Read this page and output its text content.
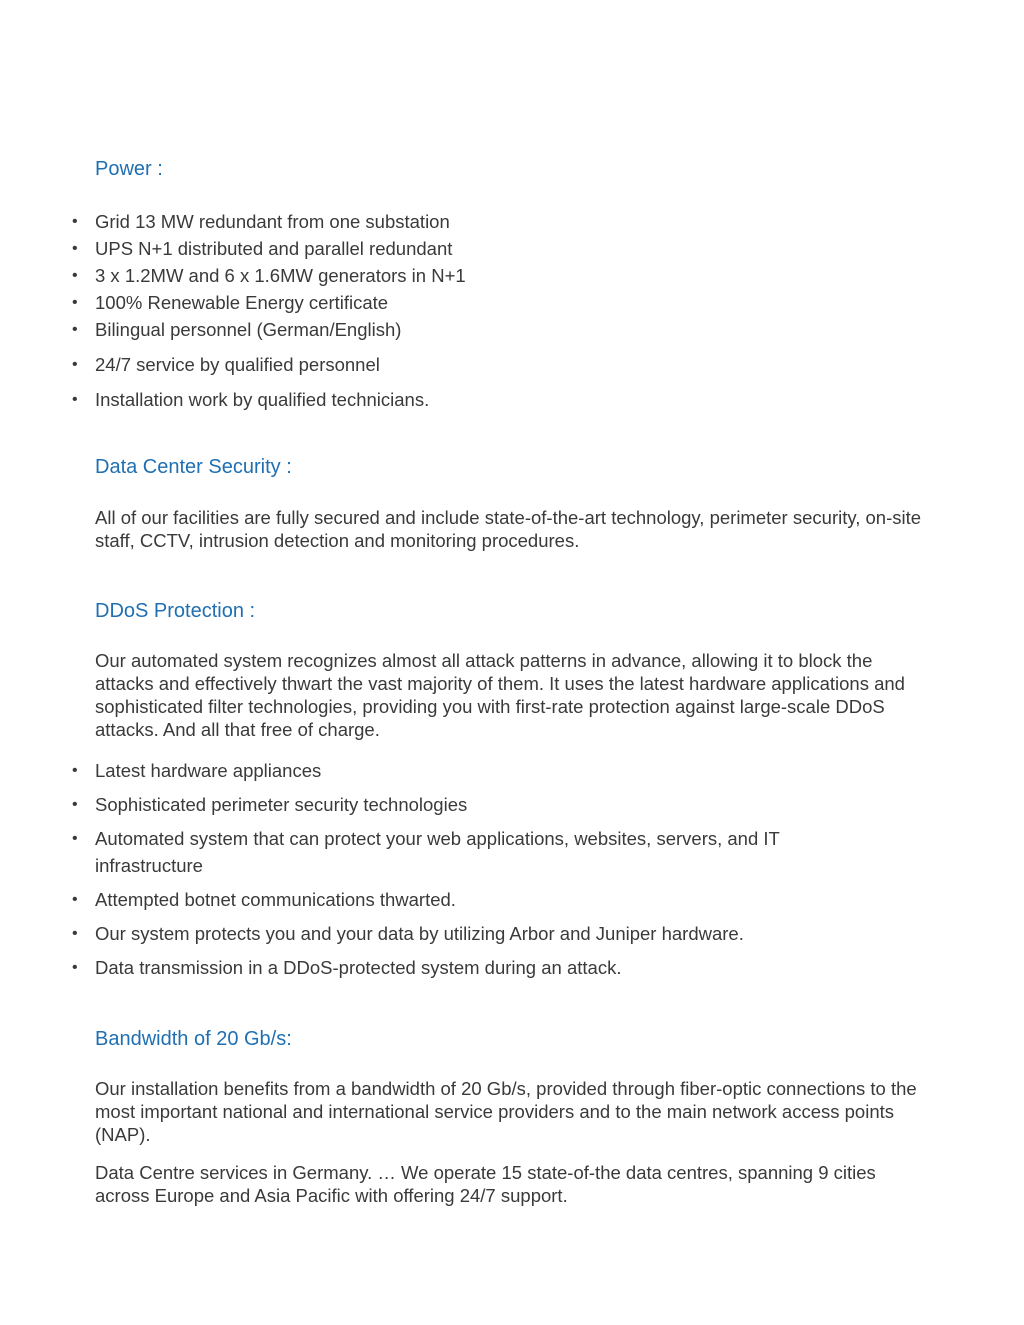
Power :
• Grid 13 MW redundant from one substation
• UPS N+1 distributed and parallel redundant
• 3 x 1.2MW and 6 x 1.6MW generators in N+1
• 100% Renewable Energy certificate
• Bilingual personnel (German/English)
• 24/7 service by qualified personnel
• Installation work by qualified technicians.
Data Center Security :

All of our facilities are fully secured and include state-of-the-art technology, perimeter security, on-site staff, CCTV, intrusion detection and monitoring procedures.

DDoS Protection :

Our automated system recognizes almost all attack patterns in advance, allowing it to block the attacks and effectively thwart the vast majority of them. It uses the latest hardware applications and sophisticated filter technologies, providing you with first-rate protection against large-scale DDoS attacks. And all that free of charge.

• Latest hardware appliances
• Sophisticated perimeter security technologies
• Automated system that can protect your web applications, websites, servers, and IT infrastructure
• Attempted botnet communications thwarted.
• Our system protects you and your data by utilizing Arbor and Juniper hardware.
• Data transmission in a DDoS-protected system during an attack.
Bandwidth of 20 Gb/s:

Our installation benefits from a bandwidth of 20 Gb/s, provided through fiber-optic connections to the most important national and international service providers and to the main network access points (NAP).

Data Centre services in Germany. … We operate 15 state-of-the data centres, spanning 9 cities across Europe and Asia Pacific with offering 24/7 support.
